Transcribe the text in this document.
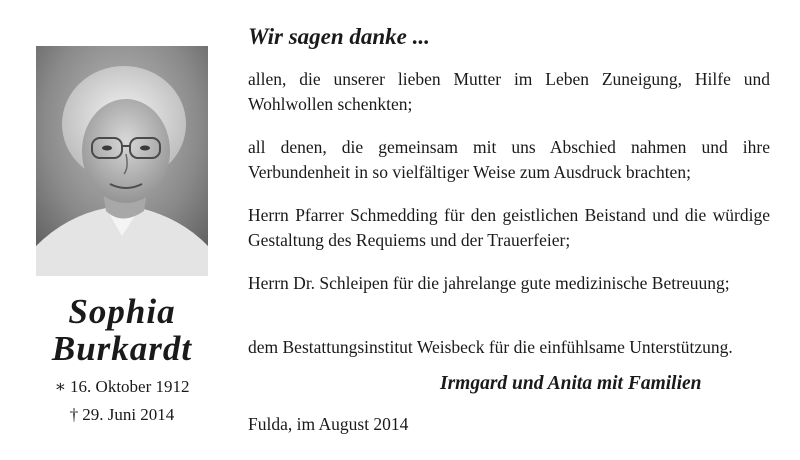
Sophia
Burkardt
∗ 16. Oktober 1912
† 29. Juni 2014
Wir sagen danke ...
allen, die unserer lieben Mutter im Leben Zuneigung, Hilfe und Wohlwollen schenkten;
all denen, die gemeinsam mit uns Abschied nahmen und ihre Verbundenheit in so vielfältiger Weise zum Ausdruck brachten;
Herrn Pfarrer Schmedding für den geistlichen Beistand und die würdige Gestaltung des Requiems und der Trauerfeier;
Herrn Dr. Schleipen für die jahrelange gute medizinische Betreuung;
dem Bestattungsinstitut Weisbeck für die einfühlsame Unterstützung.
Irmgard und Anita mit Familien
Fulda, im August 2014
